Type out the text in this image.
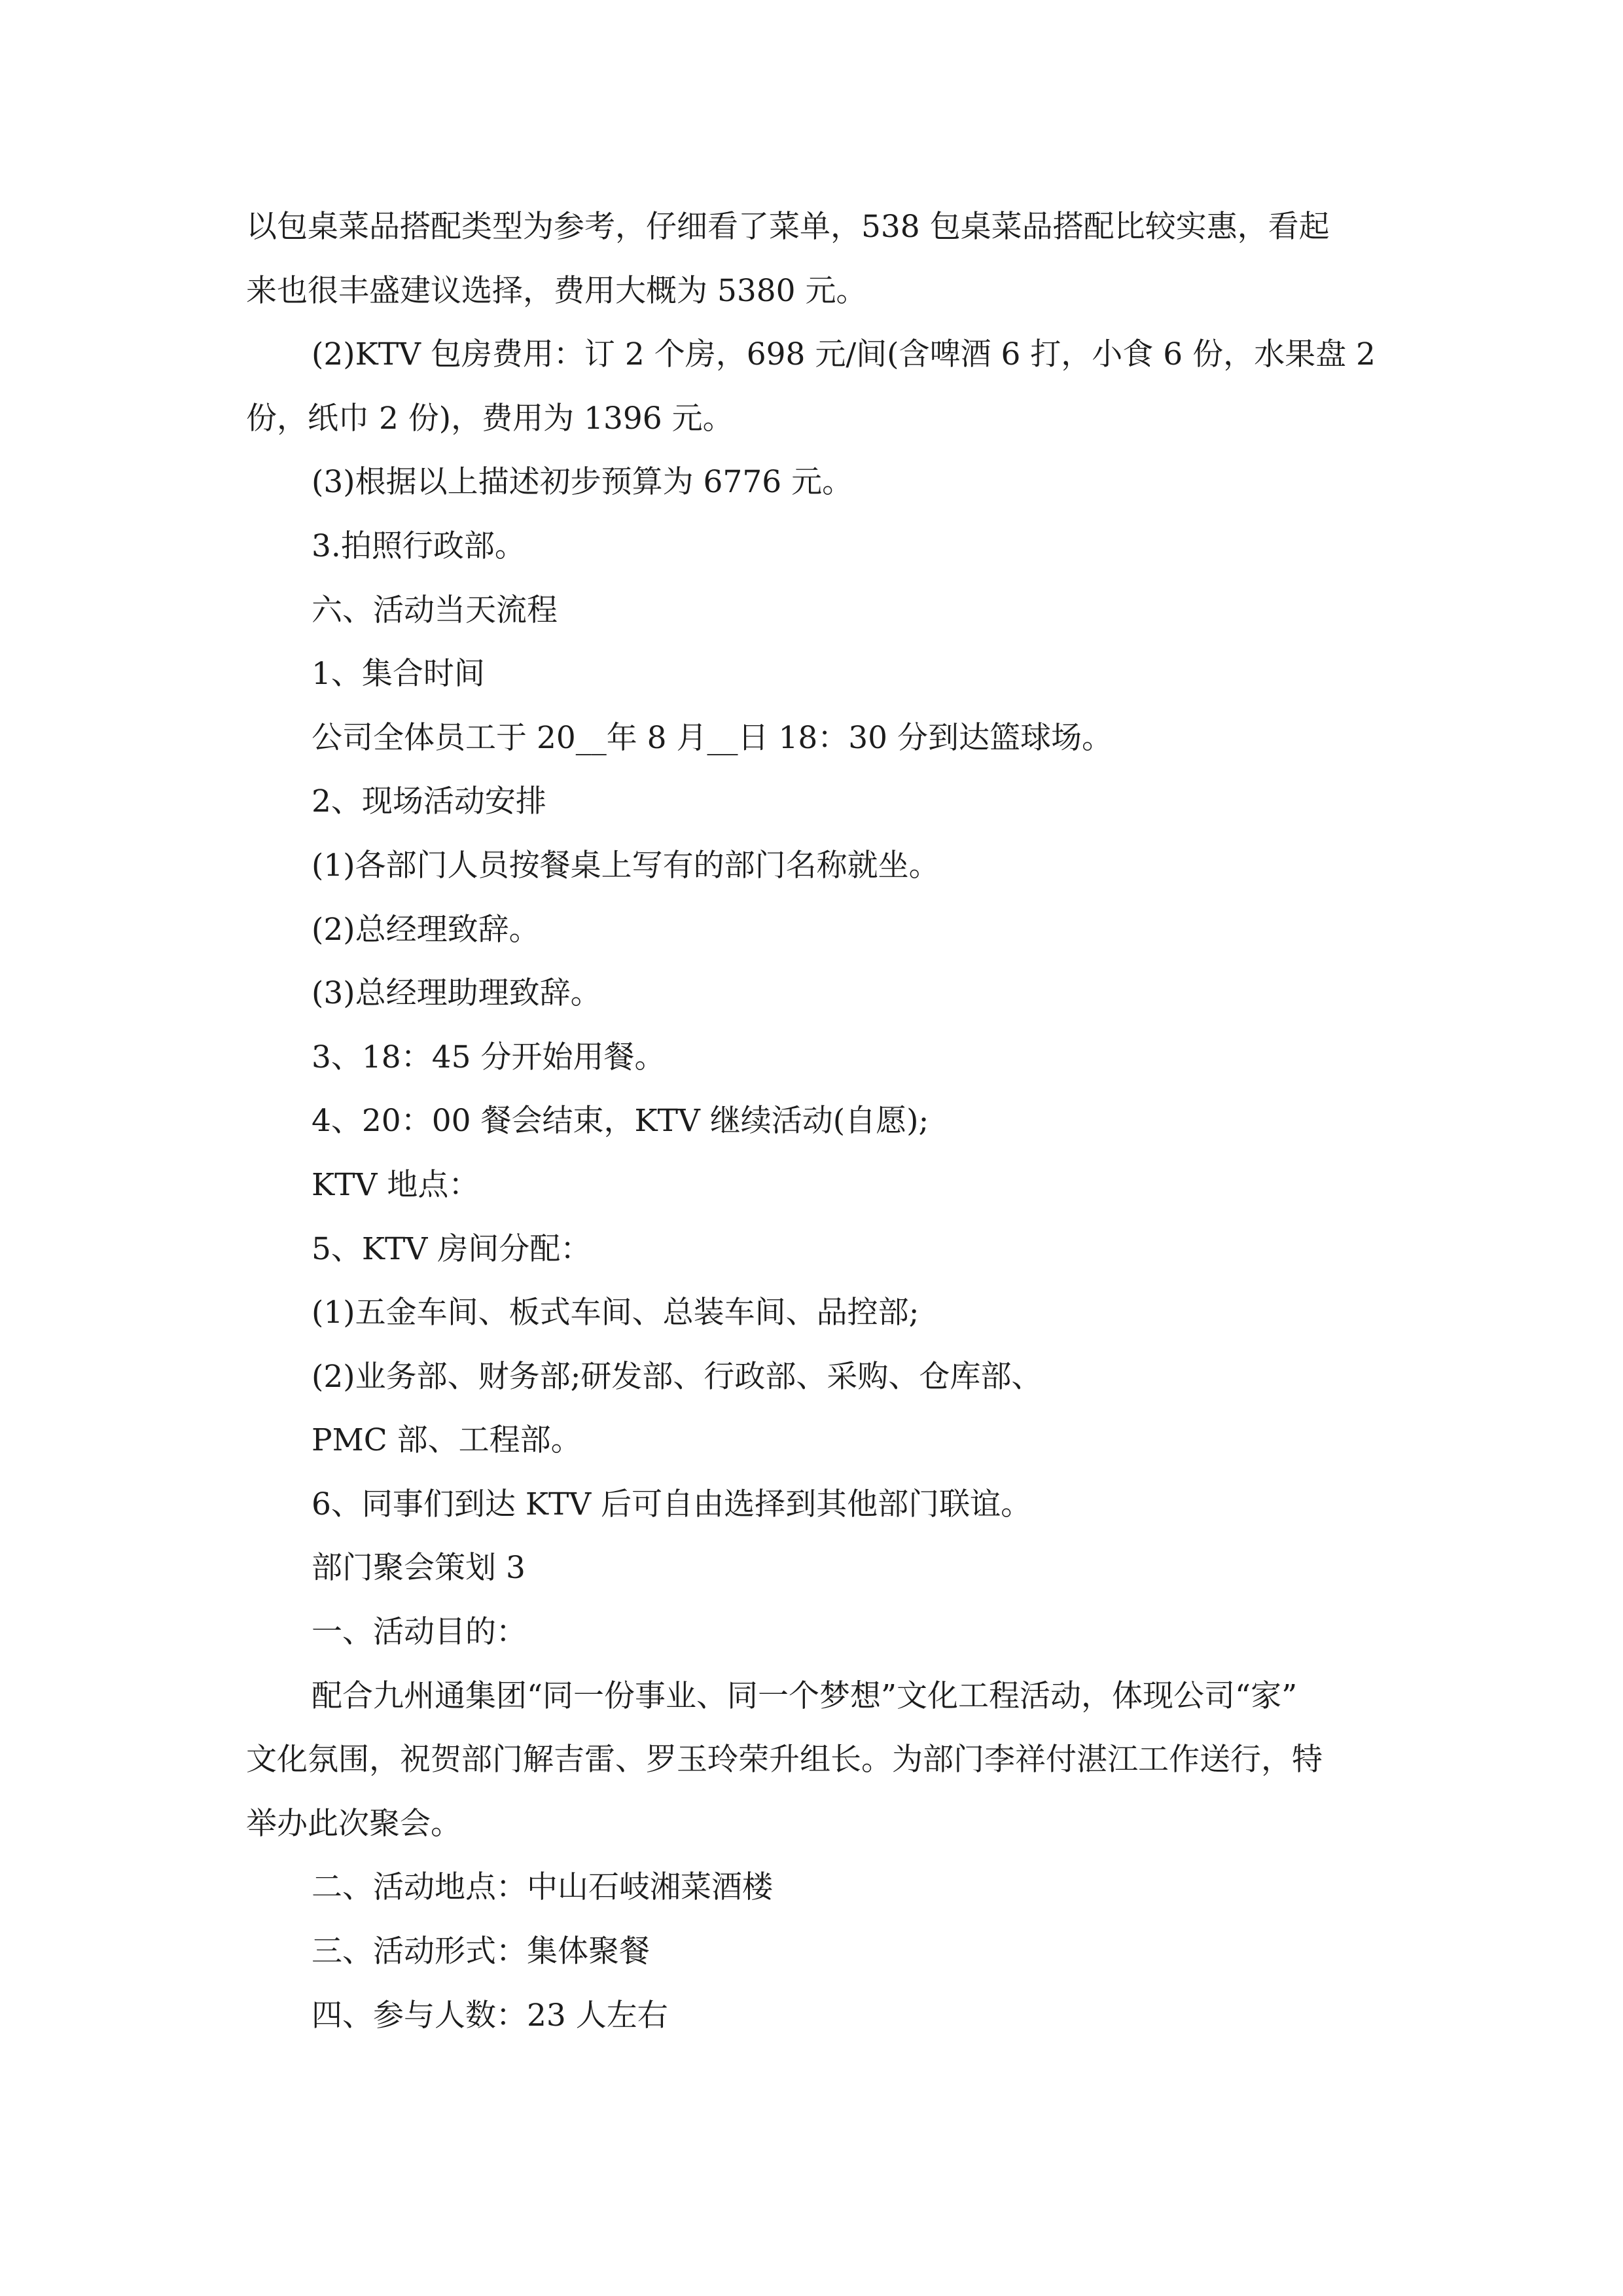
以包桌菜品搭配类型为参考，仔细看了菜单，538 包桌菜品搭配比较实惠，看起
来也很丰盛建议选择，费用大概为 5380 元。
(2)KTV 包房费用：订 2 个房，698 元/间(含啤酒 6 打，小食 6 份，水果盘 2
份，纸巾 2 份)，费用为 1396 元。
(3)根据以上描述初步预算为 6776 元。
3.拍照行政部。
六、活动当天流程
1、集合时间
公司全体员工于 20__年 8 月__日 18：30 分到达篮球场。
2、现场活动安排
(1)各部门人员按餐桌上写有的部门名称就坐。
(2)总经理致辞。
(3)总经理助理致辞。
3、18：45 分开始用餐。
4、20：00 餐会结束，KTV 继续活动(自愿);
KTV 地点：
5、KTV 房间分配：
(1)五金车间、板式车间、总装车间、品控部;
(2)业务部、财务部;研发部、行政部、采购、仓库部、
PMC 部、工程部。
6、同事们到达 KTV 后可自由选择到其他部门联谊。
部门聚会策划 3
一、活动目的：
配合九州通集团“同一份事业、同一个梦想”文化工程活动，体现公司“家”
文化氛围，祝贺部门解吉雷、罗玉玲荣升组长。为部门李祥付湛江工作送行，特
举办此次聚会。
二、活动地点：中山石岐湘菜酒楼
三、活动形式：集体聚餐
四、参与人数：23 人左右
